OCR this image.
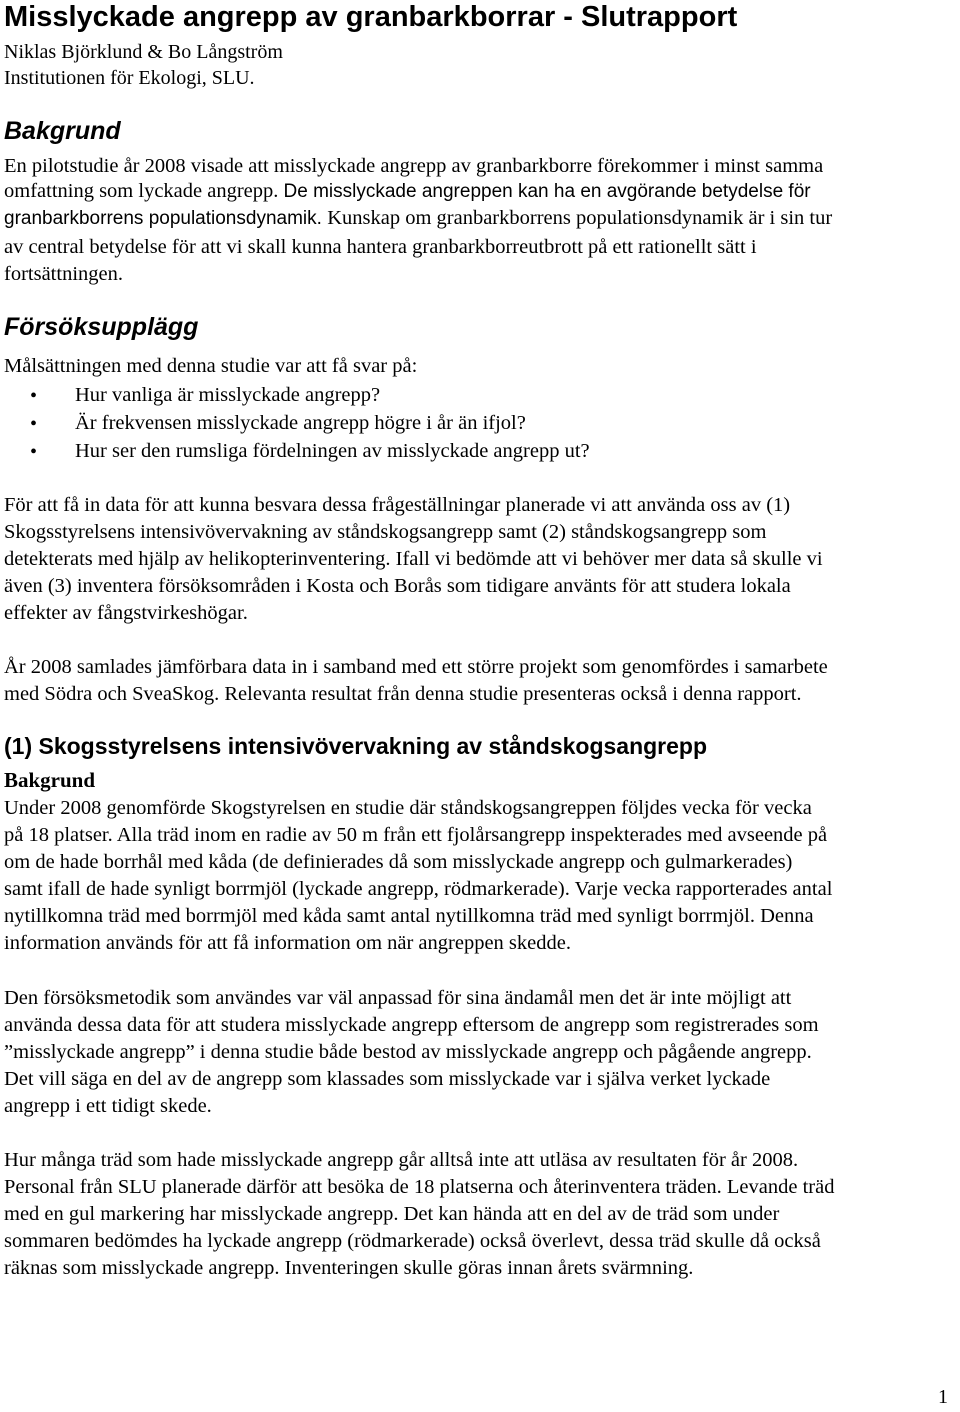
Misslyckade angrepp av granbarkborrar - Slutrapport
Niklas Björklund & Bo Långström
Institutionen för Ekologi, SLU.
Bakgrund
En pilotstudie år 2008 visade att misslyckade angrepp av granbarkborre förekommer i minst samma
omfattning som lyckade angrepp. De misslyckade angreppen kan ha en avgörande betydelse för
granbarkborrens populationsdynamik. Kunskap om granbarkborrens populationsdynamik är i sin tur
av central betydelse för att vi skall kunna hantera granbarkborreutbrott på ett rationellt sätt i
fortsättningen.
Försöksupplägg
Målsättningen med denna studie var att få svar på:
• Hur vanliga är misslyckade angrepp?
• Är frekvensen misslyckade angrepp högre i år än ifjol?
• Hur ser den rumsliga fördelningen av misslyckade angrepp ut?
För att få in data för att kunna besvara dessa frågeställningar planerade vi att använda oss av (1)
Skogsstyrelsens intensivövervakning av ståndskogsangrepp samt (2) ståndskogsangrepp som
detekterats med hjälp av helikopterinventering. Ifall vi bedömde att vi behöver mer data så skulle vi
även (3) inventera försöksområden i Kosta och Borås som tidigare använts för att studera lokala
effekter av fångstvirkeshögar.
År 2008 samlades jämförbara data in i samband med ett större projekt som genomfördes i samarbete
med Södra och SveaSkog. Relevanta resultat från denna studie presenteras också i denna rapport.
(1) Skogsstyrelsens intensivövervakning av ståndskogsangrepp
Bakgrund
Under 2008 genomförde Skogstyrelsen en studie där ståndskogsangreppen följdes vecka för vecka
på 18 platser. Alla träd inom en radie av 50 m från ett fjolårsangrepp inspekterades med avseende på
om de hade borrhål med kåda (de definierades då som misslyckade angrepp och gulmarkerades)
samt ifall de hade synligt borrmjöl (lyckade angrepp, rödmarkerade). Varje vecka rapporterades antal
nytillkomna träd med borrmjöl med kåda samt antal nytillkomna träd med synligt borrmjöl. Denna
information används för att få information om när angreppen skedde.
Den försöksmetodik som användes var väl anpassad för sina ändamål men det är inte möjligt att
använda dessa data för att studera misslyckade angrepp eftersom de angrepp som registrerades som
”misslyckade angrepp” i denna studie både bestod av misslyckade angrepp och pågående angrepp.
Det vill säga en del av de angrepp som klassades som misslyckade var i själva verket lyckade
angrepp i ett tidigt skede.
Hur många träd som hade misslyckade angrepp går alltså inte att utläsa av resultaten för år 2008.
Personal från SLU planerade därför att besöka de 18 platserna och återinventera träden. Levande träd
med en gul markering har misslyckade angrepp. Det kan hända att en del av de träd som under
sommaren bedömdes ha lyckade angrepp (rödmarkerade) också överlevt, dessa träd skulle då också
räknas som misslyckade angrepp. Inventeringen skulle göras innan årets svärmning.
1
